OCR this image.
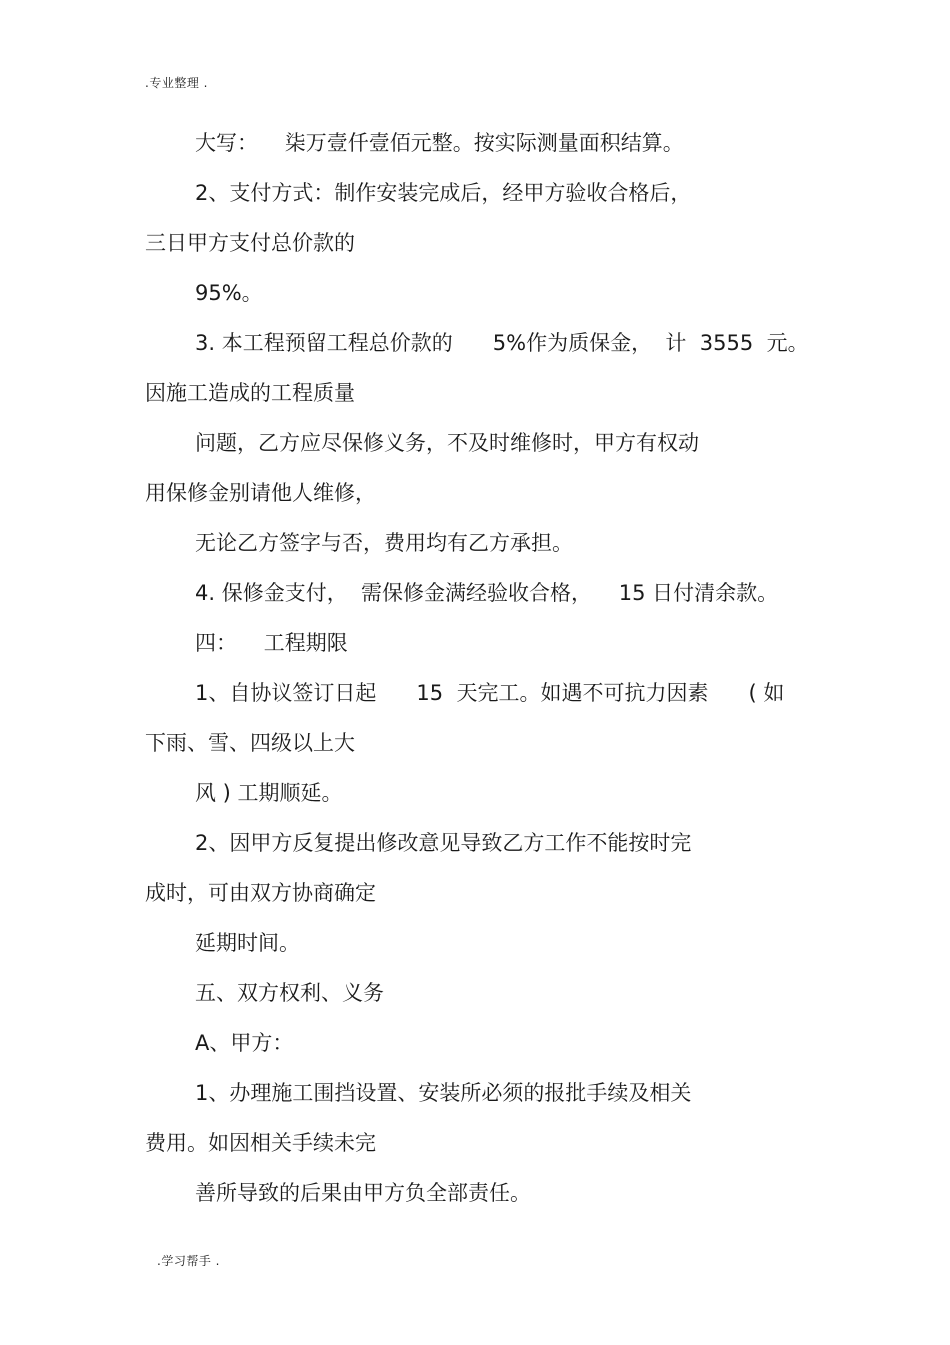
.专业整理 .
大写：    柒万壹仟壹佰元整。按实际测量面积结算。
2、支付方式：制作安装完成后，经甲方验收合格后，
三日甲方支付总价款的
95%。
3. 本工程预留工程总价款的      5%作为质保金，  计  3555  元。
因施工造成的工程质量
问题，乙方应尽保修义务，不及时维修时，甲方有权动
用保修金别请他人维修，
无论乙方签字与否，费用均有乙方承担。
4. 保修金支付，  需保修金满经验收合格，    15 日付清余款。
四：    工程期限
1、自协议签订日起      15  天完工。如遇不可抗力因素      ( 如
下雨、雪、四级以上大
风 ) 工期顺延。
2、因甲方反复提出修改意见导致乙方工作不能按时完
成时，可由双方协商确定
延期时间。
五、双方权利、义务
A、甲方：
1、办理施工围挡设置、安装所必须的报批手续及相关
费用。如因相关手续未完
善所导致的后果由甲方负全部责任。
.学习帮手 .
